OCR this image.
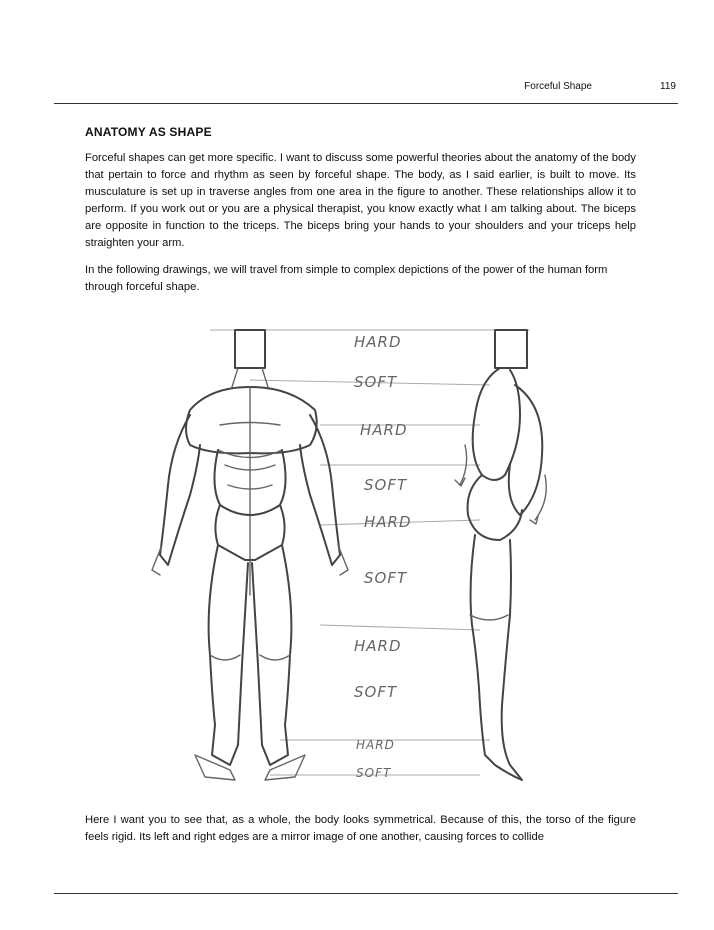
Forceful Shape	119
ANATOMY AS SHAPE
Forceful shapes can get more specific. I want to discuss some powerful theories about the anatomy of the body that pertain to force and rhythm as seen by forceful shape. The body, as I said earlier, is built to move. Its musculature is set up in traverse angles from one area in the figure to another. These relationships allow it to perform. If you work out or you are a physical therapist, you know exactly what I am talking about. The biceps are opposite in function to the triceps. The biceps bring your hands to your shoulders and your triceps help straighten your arm.
In the following drawings, we will travel from simple to complex depictions of the power of the human form through forceful shape.
HARD
SOFT
HARD
SOFT
HARD
SOFT
HARD
SOFT
HARD
SOFT
Here I want you to see that, as a whole, the body looks symmetrical. Because of this, the torso of the figure feels rigid. Its left and right edges are a mirror image of one another, causing forces to collide
